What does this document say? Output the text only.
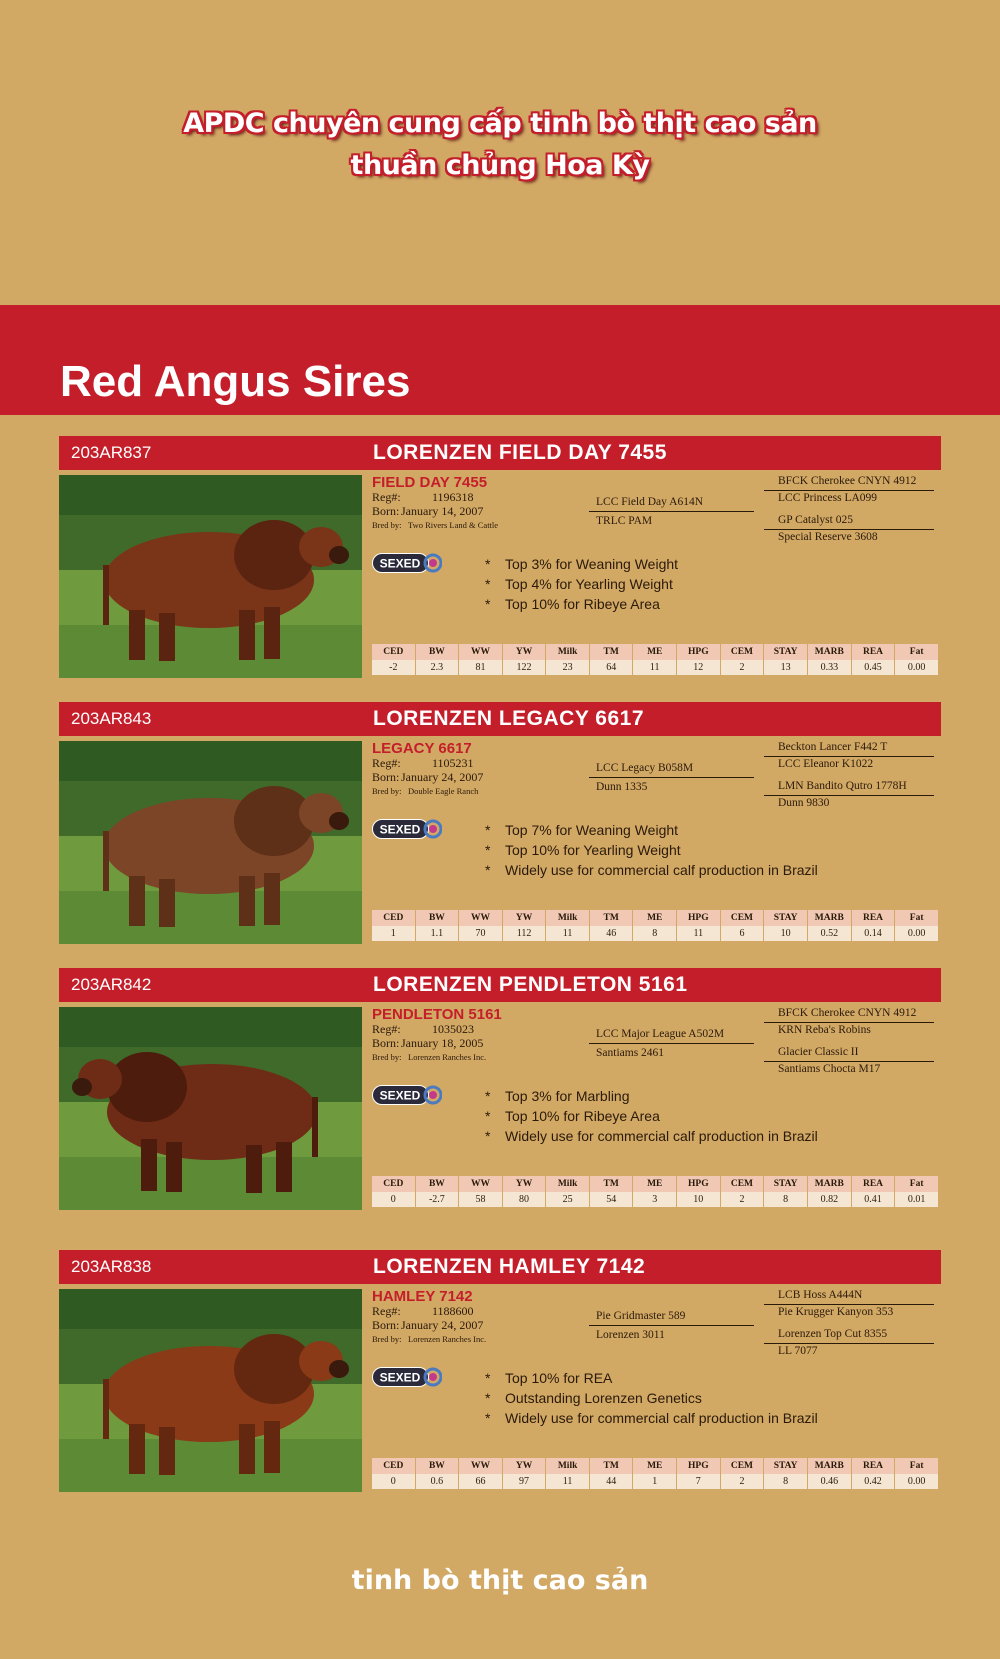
APDC chuyên cung cấp tinh bò thịt cao sản
thuần chủng Hoa Kỳ
Red Angus Sires
203AR837	LORENZEN FIELD DAY 7455
FIELD DAY 7455
Reg#:	1196318
Born: January 14, 2007
Bred by: Two Rivers Land & Cattle
LCC Field Day A614N
TRLC PAM
BFCK Cherokee CNYN 4912
LCC Princess LA099
GP Catalyst 025
Special Reserve 3608
SEXED	* Top 3% for Weaning Weight
* Top 4% for Yearling Weight
* Top 10% for Ribeye Area
CED	BW	WW	YW	Milk	TM	ME	HPG	CEM	STAY	MARB	REA	Fat
-2	2.3	81	122	23	64	11	12	2	13	0.33	0.45	0.00
203AR843	LORENZEN LEGACY 6617
LEGACY 6617
Reg#:	1105231
Born: January 24, 2007
Bred by: Double Eagle Ranch
LCC Legacy B058M
Dunn 1335
Beckton Lancer F442 T
LCC Eleanor K1022
LMN Bandito Qutro 1778H
Dunn 9830
SEXED	* Top 7% for Weaning Weight
* Top 10% for Yearling Weight
* Widely use for commercial calf production in Brazil
CED	BW	WW	YW	Milk	TM	ME	HPG	CEM	STAY	MARB	REA	Fat
1	1.1	70	112	11	46	8	11	6	10	0.52	0.14	0.00
203AR842	LORENZEN PENDLETON 5161
PENDLETON 5161
Reg#:	1035023
Born: January 18, 2005
Bred by: Lorenzen Ranches Inc.
LCC Major League A502M
Santiams 2461
BFCK Cherokee CNYN 4912
KRN Reba's Robins
Glacier Classic II
Santiams Chocta M17
SEXED	* Top 3% for Marbling
* Top 10% for Ribeye Area
* Widely use for commercial calf production in Brazil
CED	BW	WW	YW	Milk	TM	ME	HPG	CEM	STAY	MARB	REA	Fat
0	-2.7	58	80	25	54	3	10	2	8	0.82	0.41	0.01
203AR838	LORENZEN HAMLEY 7142
HAMLEY 7142
Reg#:	1188600
Born: January 24, 2007
Bred by: Lorenzen Ranches Inc.
Pie Gridmaster 589
Lorenzen 3011
LCB Hoss A444N
Pie Krugger Kanyon 353
Lorenzen Top Cut 8355
LL 7077
SEXED	* Top 10% for REA
* Outstanding Lorenzen Genetics
* Widely use for commercial calf production in Brazil
CED	BW	WW	YW	Milk	TM	ME	HPG	CEM	STAY	MARB	REA	Fat
0	0.6	66	97	11	44	1	7	2	8	0.46	0.42	0.00
tinh bò thịt cao sản
